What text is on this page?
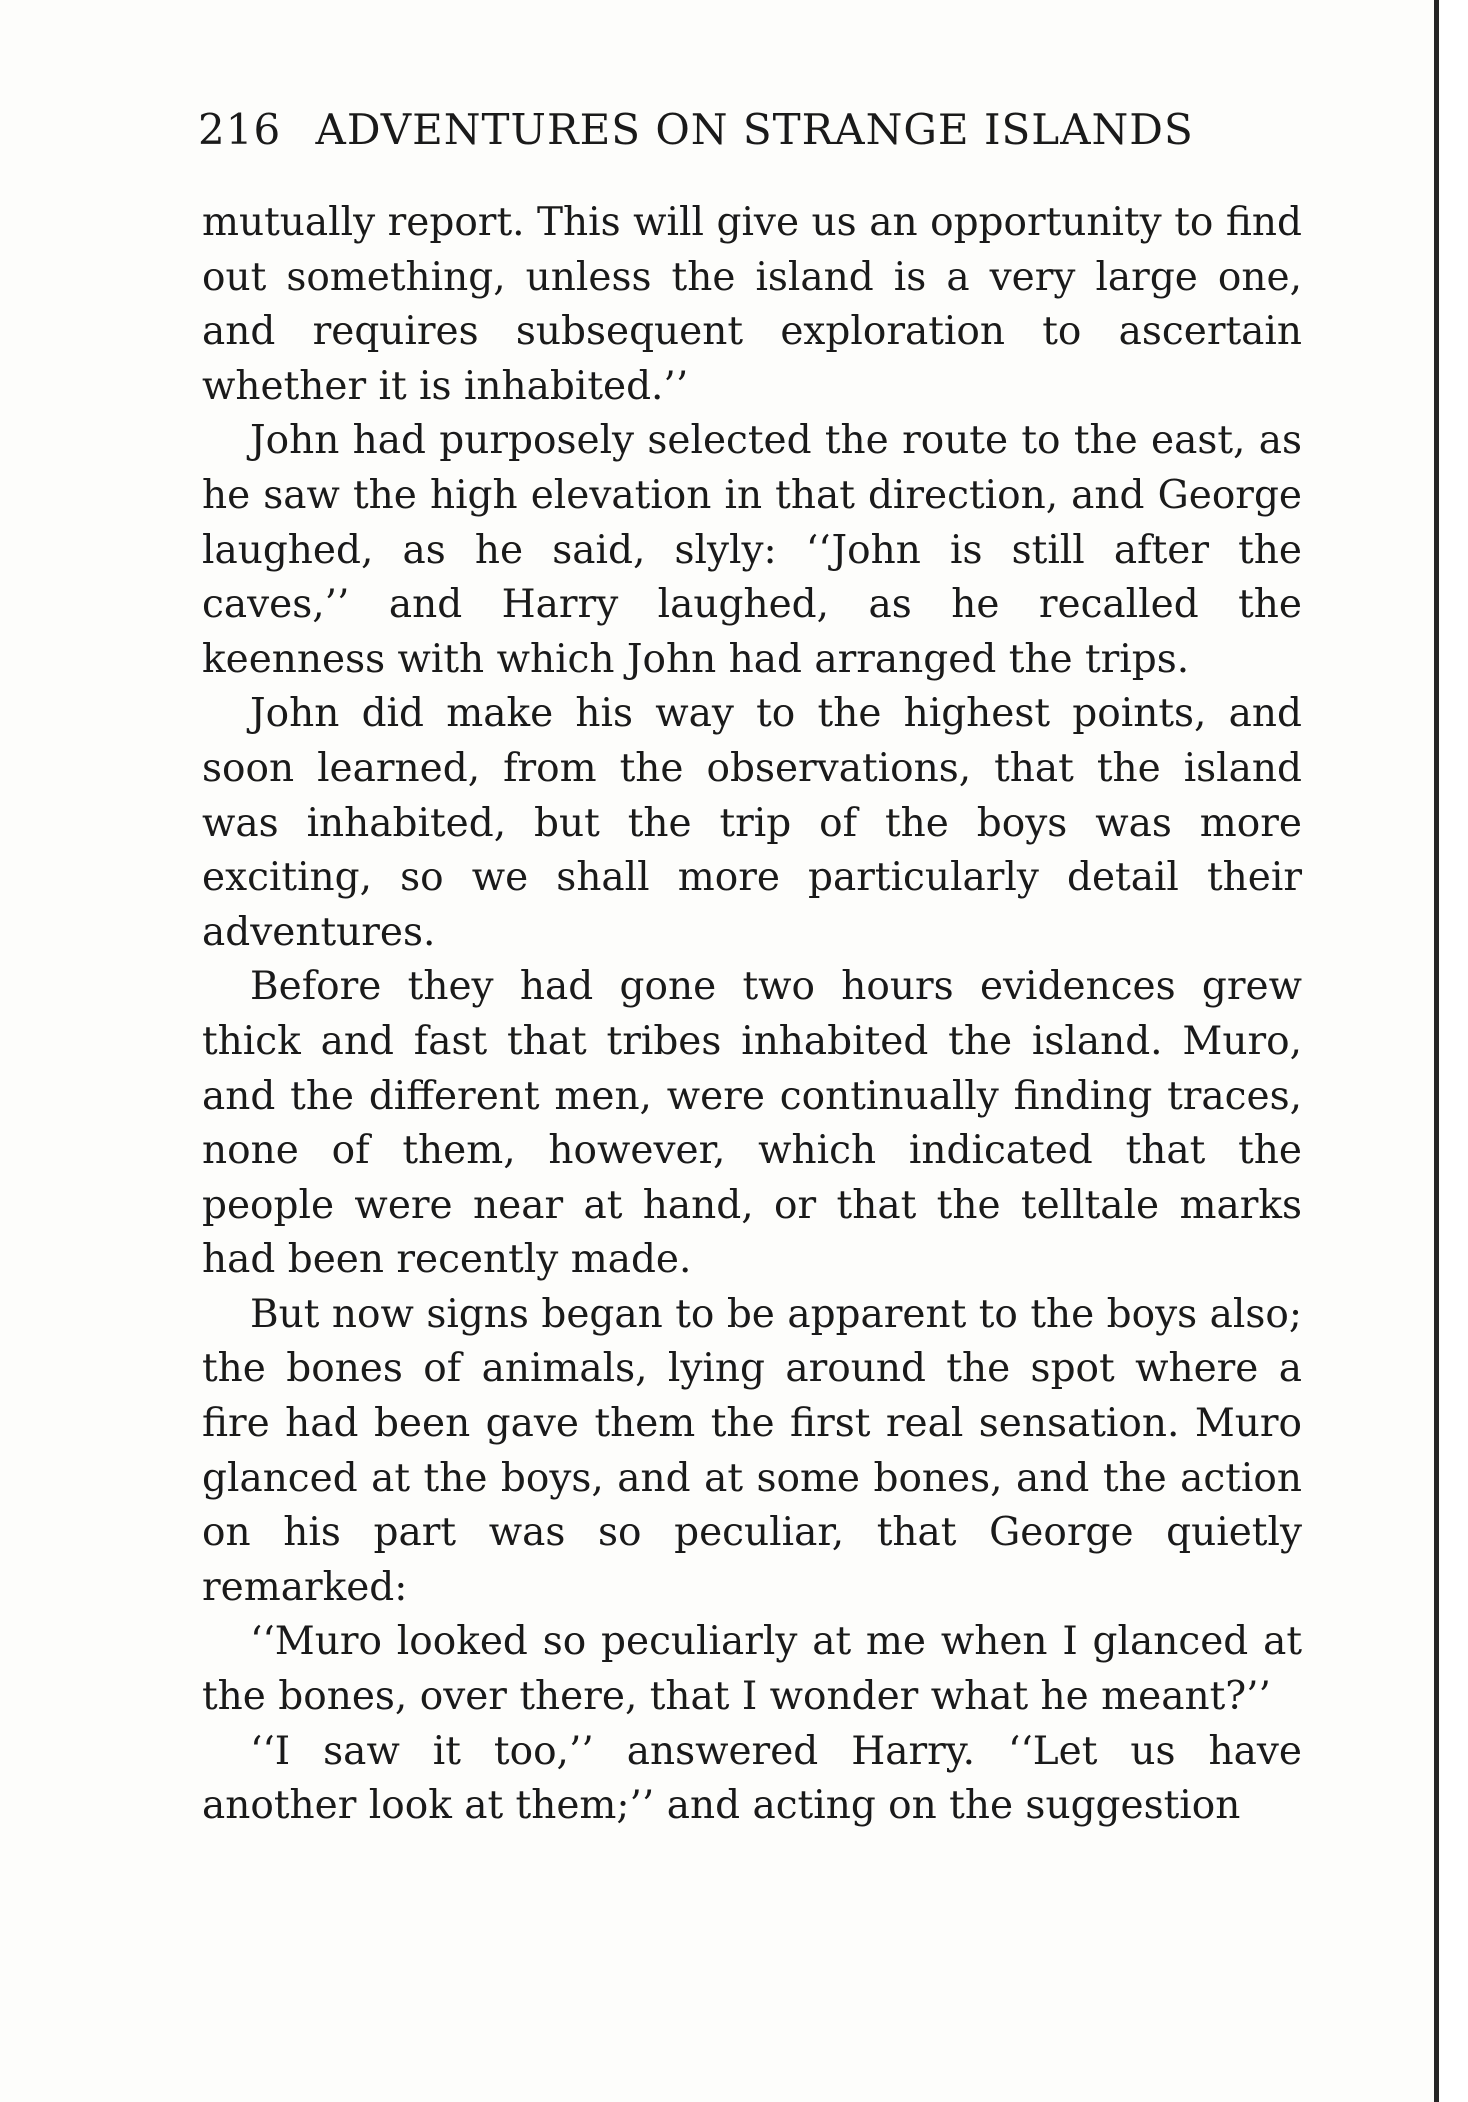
216 ADVENTURES ON STRANGE ISLANDS

mutually report. This will give us an opportunity to find out something, unless the island is a very large one, and requires subsequent exploration to ascertain whether it is inhabited.’’

John had purposely selected the route to the east, as he saw the high elevation in that direction, and George laughed, as he said, slyly: ‘‘John is still after the caves,’’ and Harry laughed, as he recalled the keenness with which John had arranged the trips.

John did make his way to the highest points, and soon learned, from the observations, that the island was inhabited, but the trip of the boys was more exciting, so we shall more particularly detail their adventures.

Before they had gone two hours evidences grew thick and fast that tribes inhabited the island. Muro, and the different men, were continually finding traces, none of them, however, which indicated that the people were near at hand, or that the telltale marks had been recently made.

But now signs began to be apparent to the boys also; the bones of animals, lying around the spot where a fire had been gave them the first real sensation. Muro glanced at the boys, and at some bones, and the action on his part was so peculiar, that George quietly remarked:

‘‘Muro looked so peculiarly at me when I glanced at the bones, over there, that I wonder what he meant?’’

‘‘I saw it too,’’ answered Harry. ‘‘Let us have another look at them;’’ and acting on the suggestion
